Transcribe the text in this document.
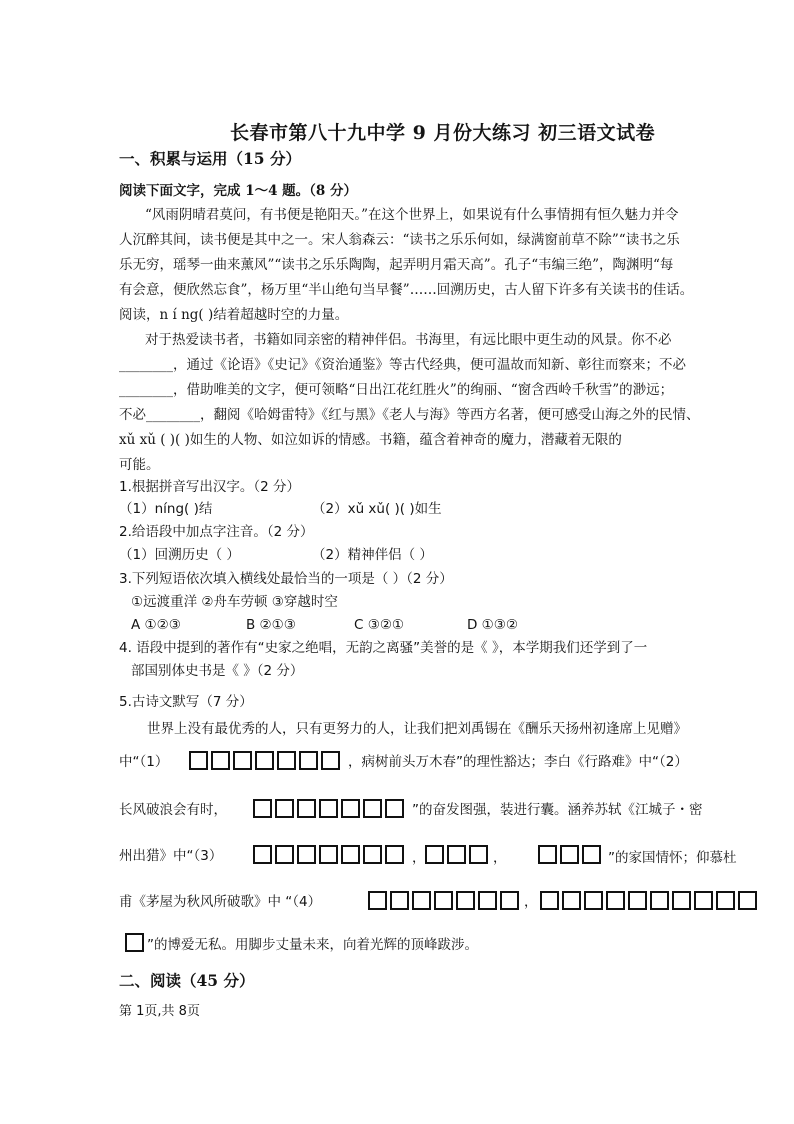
长春市第八十九中学 9 月份大练习 初三语文试卷
一、积累与运用（15 分）
阅读下面文字，完成 1～4 题。（8 分）
“风雨阴晴君莫问，有书便是艳阳天。”在这个世界上，如果说有什么事情拥有恒久魅力并令
人沉醉其间，读书便是其中之一。宋人翁森云：“读书之乐乐何如，绿满窗前草不除”“读书之乐
乐无穷，瑶琴一曲来薰风”“读书之乐乐陶陶，起弄明月霜天高”。孔子“韦编三绝”，陶渊明“每
有会意，便欣然忘食”，杨万里“半山绝句当早餐”……回溯历史，古人留下许多有关读书的佳话。
阅读，n í ng( )结着超越时空的力量。
对于热爱读书者，书籍如同亲密的精神伴侣。书海里，有远比眼中更生动的风景。你不必
________，通过《论语》《史记》《资治通鉴》等古代经典，便可温故而知新、彰往而察来；不必
________，借助唯美的文字，便可领略“日出江花红胜火”的绚丽、“窗含西岭千秋雪”的渺远；
不必________，翻阅《哈姆雷特》《红与黑》《老人与海》等西方名著，便可感受山海之外的民情、
xǔ xǔ ( )( )如生的人物、如泣如诉的情感。书籍，蕴含着神奇的魔力，潜藏着无限的
可能。
1.根据拼音写出汉字。（2 分）
（1）níng( )结	（2）xǔ xǔ( )( )如生
2.给语段中加点字注音。（2 分）
（1）回溯历史（ ）	（2）精神伴侣（ ）
3.下列短语依次填入横线处最恰当的一项是（ ）（2 分）
①远渡重洋 ②舟车劳顿 ③穿越时空
A ①②③	B ②①③	C ③②①	D ①③②
4. 语段中提到的著作有“史家之绝唱，无韵之离骚”美誉的是《 》，本学期我们还学到了一
部国别体史书是《 》（2 分）
5.古诗文默写（7 分）
世界上没有最优秀的人，只有更努力的人，让我们把刘禹锡在《酬乐天扬州初逢席上见赠》
中“（1）	，病树前头万木春”的理性豁达；李白《行路难》中“（2）
长风破浪会有时，	”的奋发图强，装进行囊。涵养苏轼《江城子・密
州出猎》中“（3）	，	，	”的家国情怀；仰慕杜
甫《茅屋为秋风所破歌》中 “（4）	，
”的博爱无私。用脚步丈量未来，向着光辉的顶峰跋涉。
二、阅读（45 分）
第 1页,共 8页
